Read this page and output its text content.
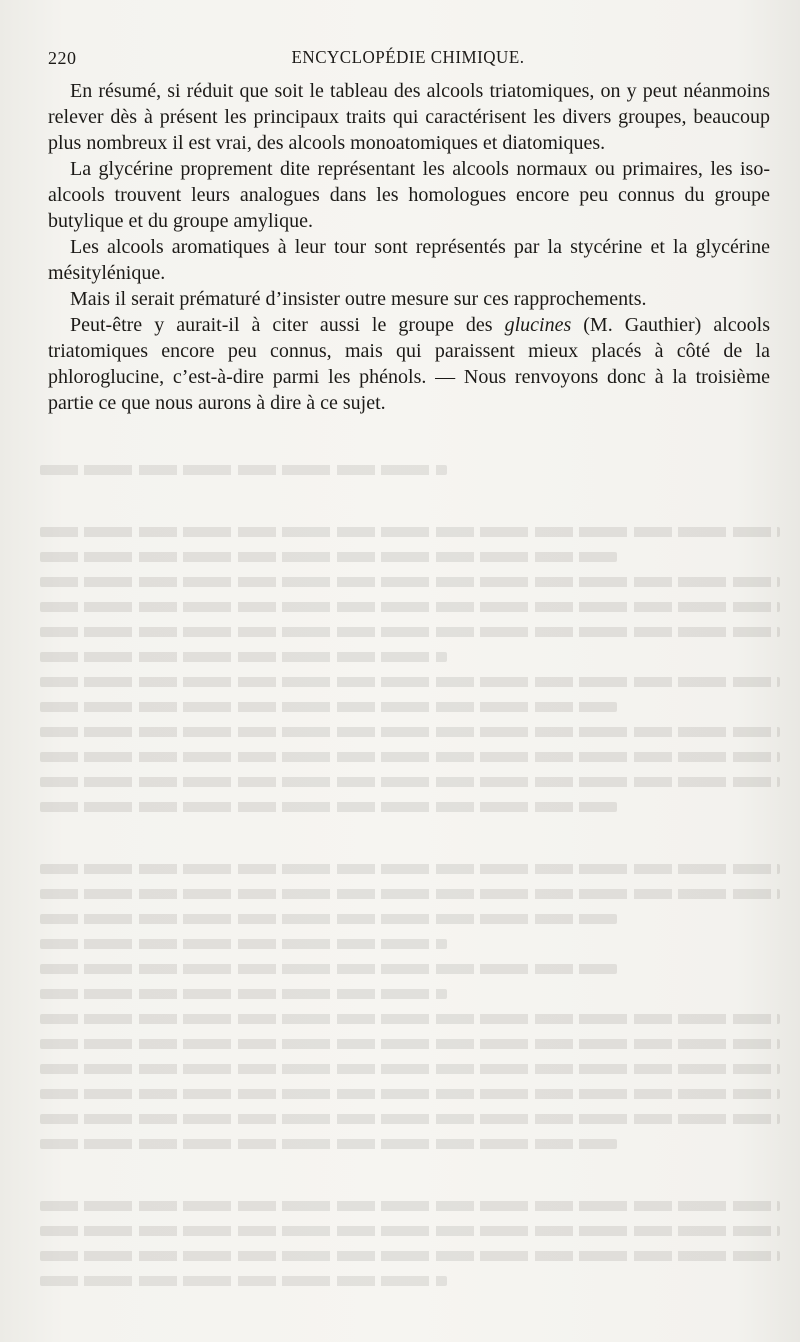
220	ENCYCLOPÉDIE CHIMIQUE.

En résumé, si réduit que soit le tableau des alcools triatomiques, on y peut néanmoins relever dès à présent les principaux traits qui caractérisent les divers groupes, beaucoup plus nombreux il est vrai, des alcools monoatomiques et diatomiques.

La glycérine proprement dite représentant les alcools normaux ou primaires, les iso-alcools trouvent leurs analogues dans les homologues encore peu connus du groupe butylique et du groupe amylique.

Les alcools aromatiques à leur tour sont représentés par la stycérine et la glycérine mésitylénique.

Mais il serait prématuré d’insister outre mesure sur ces rapprochements.

Peut-être y aurait-il à citer aussi le groupe des glucines (M. Gauthier) alcools triatomiques encore peu connus, mais qui paraissent mieux placés à côté de la phloroglucine, c’est-à-dire parmi les phénols. — Nous renvoyons donc à la troisième partie ce que nous aurons à dire à ce sujet.
